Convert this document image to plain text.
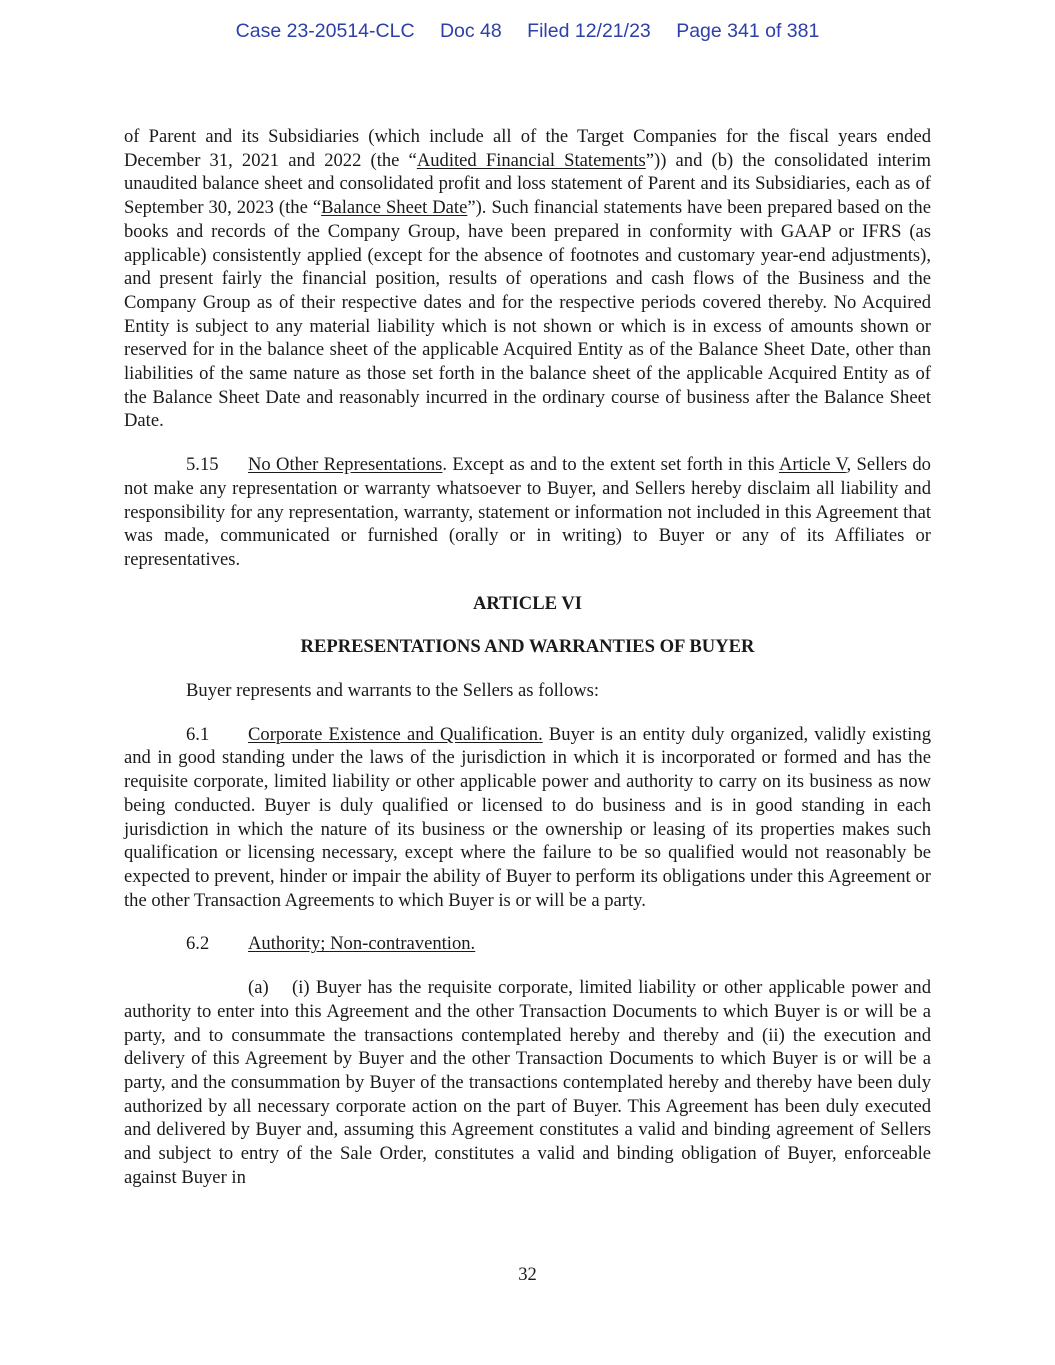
Case 23-20514-CLC Doc 48 Filed 12/21/23 Page 341 of 381

of Parent and its Subsidiaries (which include all of the Target Companies for the fiscal years ended December 31, 2021 and 2022 (the “Audited Financial Statements”)) and (b) the consolidated interim unaudited balance sheet and consolidated profit and loss statement of Parent and its Subsidiaries, each as of September 30, 2023 (the “Balance Sheet Date”). Such financial statements have been prepared based on the books and records of the Company Group, have been prepared in conformity with GAAP or IFRS (as applicable) consistently applied (except for the absence of footnotes and customary year-end adjustments), and present fairly the financial position, results of operations and cash flows of the Business and the Company Group as of their respective dates and for the respective periods covered thereby. No Acquired Entity is subject to any material liability which is not shown or which is in excess of amounts shown or reserved for in the balance sheet of the applicable Acquired Entity as of the Balance Sheet Date, other than liabilities of the same nature as those set forth in the balance sheet of the applicable Acquired Entity as of the Balance Sheet Date and reasonably incurred in the ordinary course of business after the Balance Sheet Date.

5.15 No Other Representations. Except as and to the extent set forth in this Article V, Sellers do not make any representation or warranty whatsoever to Buyer, and Sellers hereby disclaim all liability and responsibility for any representation, warranty, statement or information not included in this Agreement that was made, communicated or furnished (orally or in writing) to Buyer or any of its Affiliates or representatives.

ARTICLE VI
REPRESENTATIONS AND WARRANTIES OF BUYER

Buyer represents and warrants to the Sellers as follows:

6.1 Corporate Existence and Qualification. Buyer is an entity duly organized, validly existing and in good standing under the laws of the jurisdiction in which it is incorporated or formed and has the requisite corporate, limited liability or other applicable power and authority to carry on its business as now being conducted. Buyer is duly qualified or licensed to do business and is in good standing in each jurisdiction in which the nature of its business or the ownership or leasing of its properties makes such qualification or licensing necessary, except where the failure to be so qualified would not reasonably be expected to prevent, hinder or impair the ability of Buyer to perform its obligations under this Agreement or the other Transaction Agreements to which Buyer is or will be a party.

6.2 Authority; Non-contravention.

(a) (i) Buyer has the requisite corporate, limited liability or other applicable power and authority to enter into this Agreement and the other Transaction Documents to which Buyer is or will be a party, and to consummate the transactions contemplated hereby and thereby and (ii) the execution and delivery of this Agreement by Buyer and the other Transaction Documents to which Buyer is or will be a party, and the consummation by Buyer of the transactions contemplated hereby and thereby have been duly authorized by all necessary corporate action on the part of Buyer. This Agreement has been duly executed and delivered by Buyer and, assuming this Agreement constitutes a valid and binding agreement of Sellers and subject to entry of the Sale Order, constitutes a valid and binding obligation of Buyer, enforceable against Buyer in

32
